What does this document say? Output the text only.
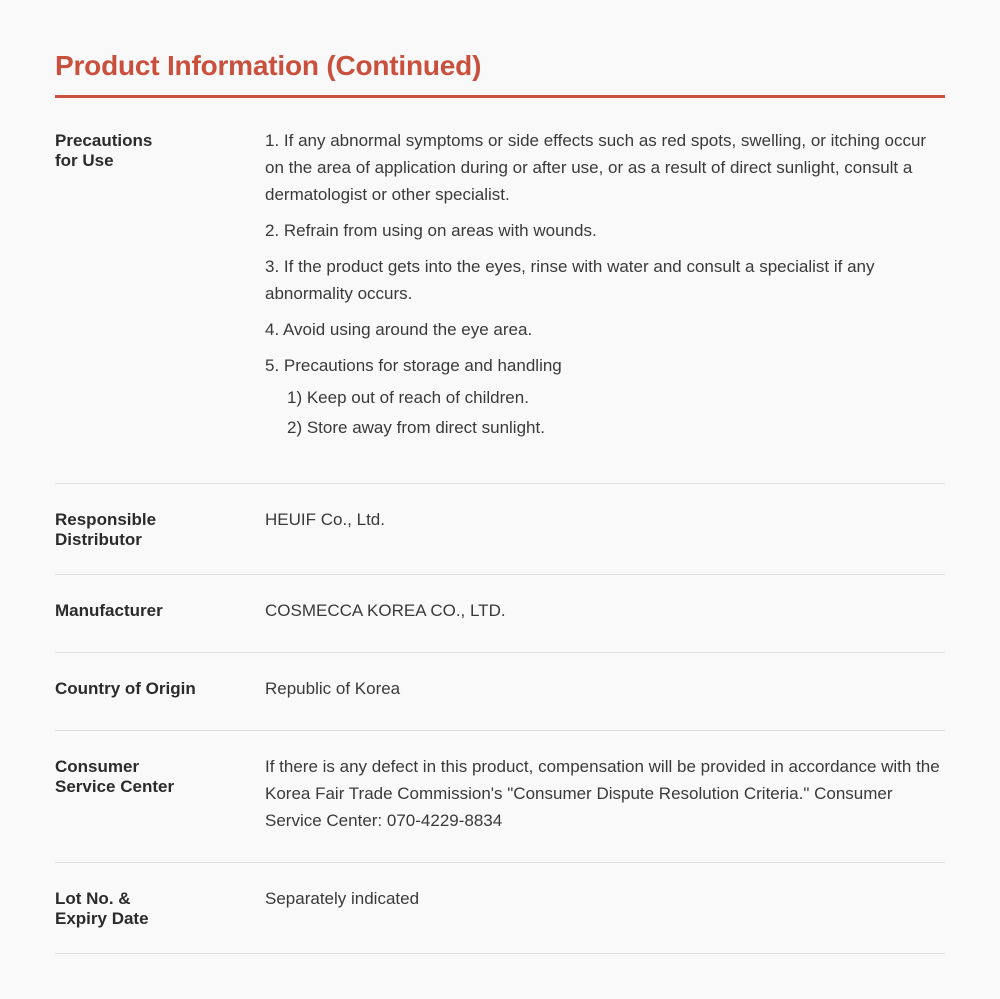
Product Information (Continued)
Precautions
for Use

1. If any abnormal symptoms or side effects such as red spots, swelling, or itching occur on the area of application during or after use, or as a result of direct sunlight, consult a dermatologist or other specialist.

2. Refrain from using on areas with wounds.

3. If the product gets into the eyes, rinse with water and consult a specialist if any abnormality occurs.

4. Avoid using around the eye area.

5. Precautions for storage and handling

1) Keep out of reach of children.

2) Store away from direct sunlight.

Responsible
Distributor
HEUIF Co., Ltd.
Manufacturer	COSMECCA KOREA CO., LTD.
Country of Origin	Republic of Korea
Consumer
Service Center
If there is any defect in this product, compensation will be provided in accordance with the Korea Fair Trade Commission's "Consumer Dispute Resolution Criteria." Consumer Service Center: 070-4229-8834
Lot No. &
Expiry Date
Separately indicated
